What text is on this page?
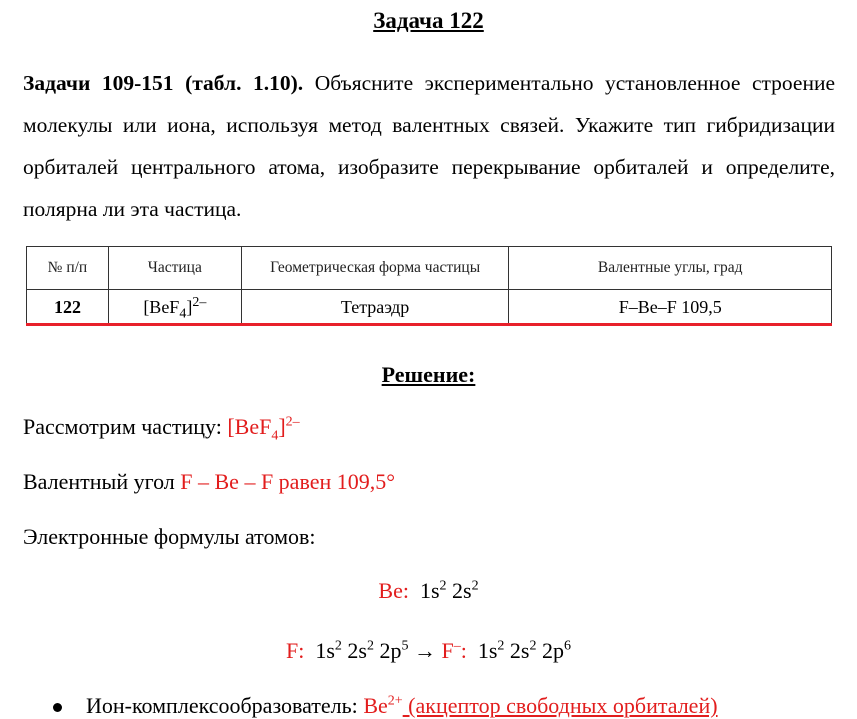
Задача 122
Задачи 109-151 (табл. 1.10). Объясните экспериментально установленное строение молекулы или иона, используя метод валентных связей. Укажите тип гибридизации орбиталей центрального атома, изобразите перекрывание орбиталей и определите, полярна ли эта частица.
№ п/п	Частица	Геометрическая форма частицы	Валентные углы, град
122	$[BeF_4]^{2-}$	Тетраэдр	F–Be–F 109,5
Решение:
Рассмотрим частицу: $[BeF_4]^{2-}$
Валентный угол F – Be – F равен 109,5°
Электронные формулы атомов:
Be: $1s^2$ $2s^2$
F: $1s^2$ $2s^2$ $2p^5 \to F^-$: $1s^2$ $2s^2$ $2p^6$
Ион-комплексообразователь: $Be^{2+}$ (акцептор свободных орбиталей)
